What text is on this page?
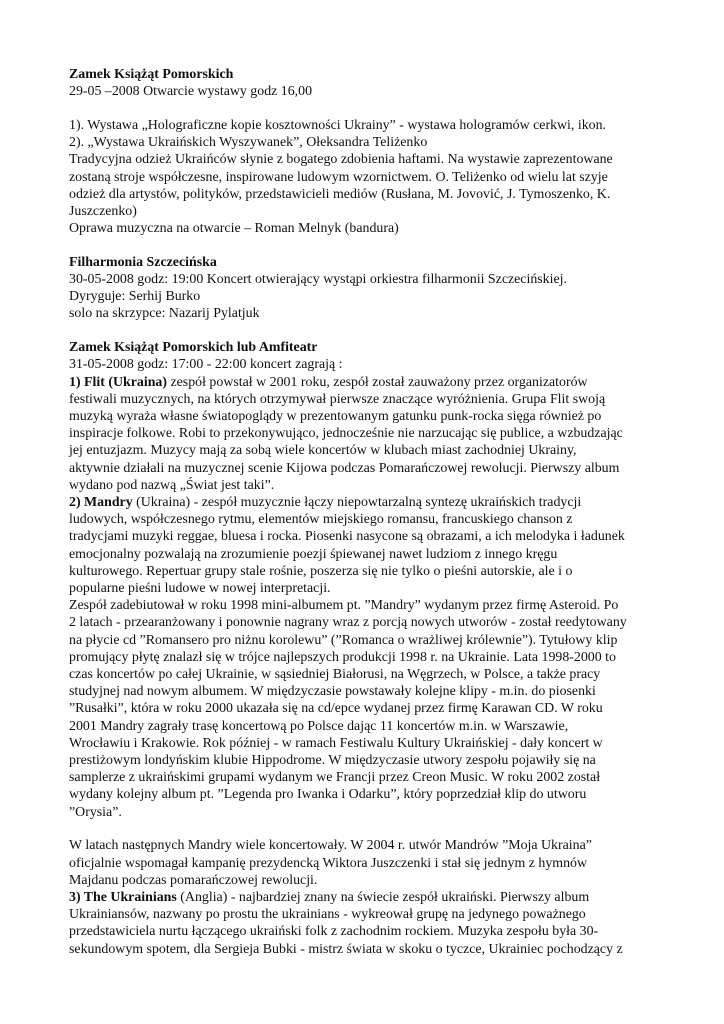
Zamek Książąt Pomorskich
29-05 –2008 Otwarcie wystawy godz 16,00
1). Wystawa „Holograficzne kopie kosztowności Ukrainy” - wystawa hologramów cerkwi, ikon.
2). „Wystawa Ukraińskich Wyszywanek”, Ołeksandra Teliżenko
Tradycyjna odzież Ukraińców słynie z bogatego zdobienia haftami. Na wystawie zaprezentowane
zostaną stroje współczesne, inspirowane ludowym wzornictwem. O. Teliżenko od wielu lat szyje
odzież dla artystów, polityków, przedstawicieli mediów (Rusłana, M. Jovović, J. Tymoszenko, K.
Juszczenko)
Oprawa muzyczna na otwarcie – Roman Melnyk (bandura)
Filharmonia Szczecińska
30-05-2008 godz: 19:00 Koncert otwierający wystąpi orkiestra filharmonii Szczecińskiej.
Dyryguje: Serhij Burko
solo na skrzypce: Nazarij Pylatjuk
Zamek Książąt Pomorskich lub Amfiteatr
31-05-2008 godz: 17:00 - 22:00 koncert zagrają :
1) Flit (Ukraina) zespół powstał w 2001 roku, zespół został zauważony przez organizatorów
festiwali muzycznych, na których otrzymywał pierwsze znaczące wyróżnienia. Grupa Flit swoją
muzyką wyraża własne światopoglądy w prezentowanym gatunku punk-rocka sięga również po
inspiracje folkowe. Robi to przekonywująco, jednocześnie nie narzucając się publice, a wzbudzając
jej entuzjazm. Muzycy mają za sobą wiele koncertów w klubach miast zachodniej Ukrainy,
aktywnie działali na muzycznej scenie Kijowa podczas Pomarańczowej rewolucji. Pierwszy album
wydano pod nazwą „Świat jest taki”.
2) Mandry (Ukraina) - zespół muzycznie łączy niepowtarzalną syntezę ukraińskich tradycji
ludowych, współczesnego rytmu, elementów miejskiego romansu, francuskiego chanson z
tradycjami muzyki reggae, bluesa i rocka. Piosenki nasycone są obrazami, a ich melodyka i ładunek
emocjonalny pozwalają na zrozumienie poezji śpiewanej nawet ludziom z innego kręgu
kulturowego. Repertuar grupy stale rośnie, poszerza się nie tylko o pieśni autorskie, ale i o
popularne pieśni ludowe w nowej interpretacji.
Zespół zadebiutował w roku 1998 mini-albumem pt. ”Mandry” wydanym przez firmę Asteroid. Po
2 latach - przearanżowany i ponownie nagrany wraz z porcją nowych utworów - został reedytowany
na płycie cd ”Romansero pro niżnu korolewu” (”Romanca o wrażliwej królewnie”). Tytułowy klip
promujący płytę znalazł się w trójce najlepszych produkcji 1998 r. na Ukrainie. Lata 1998-2000 to
czas koncertów po całej Ukrainie, w sąsiedniej Białorusi, na Węgrzech, w Polsce, a także pracy
studyjnej nad nowym albumem. W międzyczasie powstawały kolejne klipy - m.in. do piosenki
”Rusałki”, która w roku 2000 ukazała się na cd/epce wydanej przez firmę Karawan CD. W roku
2001 Mandry zagrały trasę koncertową po Polsce dając 11 koncertów m.in. w Warszawie,
Wrocławiu i Krakowie. Rok później - w ramach Festiwalu Kultury Ukraińskiej - dały koncert w
prestiżowym londyńskim klubie Hippodrome. W międzyczasie utwory zespołu pojawiły się na
samplerze z ukraińskimi grupami wydanym we Francji przez Creon Music. W roku 2002 został
wydany kolejny album pt. ”Legenda pro Iwanka i Odarku”, który poprzedział klip do utworu
”Orysia”.
W latach następnych Mandry wiele koncertowały. W 2004 r. utwór Mandrów ”Moja Ukraina”
oficjalnie wspomagał kampanię prezydencką Wiktora Juszczenki i stał się jednym z hymnów
Majdanu podczas pomarańczowej rewolucji.
3) The Ukrainians (Anglia) - najbardziej znany na świecie zespół ukraiński. Pierwszy album
Ukrainiansów, nazwany po prostu the ukrainians - wykreował grupę na jedynego poważnego
przedstawiciela nurtu łączącego ukraiński folk z zachodnim rockiem. Muzyka zespołu była 30-
sekundowym spotem, dla Sergieja Bubki - mistrz świata w skoku o tyczce, Ukrainiec pochodzący z
